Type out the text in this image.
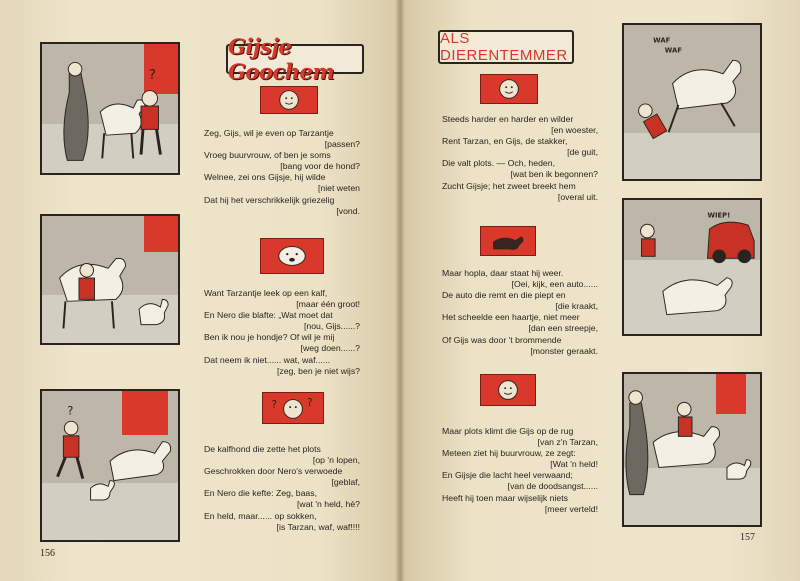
?
Gijsje Goochem
Zeg, Gijs, wil je even op Tarzantje
[passen?
Vroeg buurvrouw, of ben je soms
[bang voor de hond?
Welnee, zei ons Gijsje, hij wilde
[niet weten
Dat hij het verschrikkelijk griezelig
[vond.
Want Tarzantje leek op een kalf,
[maar één groot!
En Nero die blafte: „Wat moet dat
[nou, Gijs......?
Ben ik nou je hondje? Of wil je mij
[weg doen......?
Dat neem ik niet...... wat, waf......
[zeg, ben je niet wijs?
?	?	?
De kalfhond die zette het plots
[op 'n lopen,
Geschrokken door Nero's verwoede
[geblaf,
En Nero die kefte: Zeg, baas,
[wat 'n held, hè?
En held, maar...... op sokken,
[is Tarzan, waf, waf!!!!
156
ALS DIERENTEMMER
Steeds harder en harder en wilder
[en woester,
Rent Tarzan, en Gijs, de stakker,
[de guit,
Die valt plots. — Och, heden,
[wat ben ik begonnen?
Zucht Gijsje; het zweet breekt hem
[overal uit.
WAF
WAF
Maar hopla, daar staat hij weer.
[Oei, kijk, een auto......
De auto die remt en die piept en
[die kraakt,
Het scheelde een haartje, niet meer
[dan een streepje,
Of Gijs was door 't brommende
[monster geraakt.
WIEP!
Maar plots klimt die Gijs op de rug
[van z'n Tarzan,
Meteen ziet hij buurvrouw, ze zegt:
[Wat 'n held!
En Gijsje die lacht heel verwaand;
[van de doodsangst......
Heeft hij toen maar wijselijk niets
[meer verteld!
157
